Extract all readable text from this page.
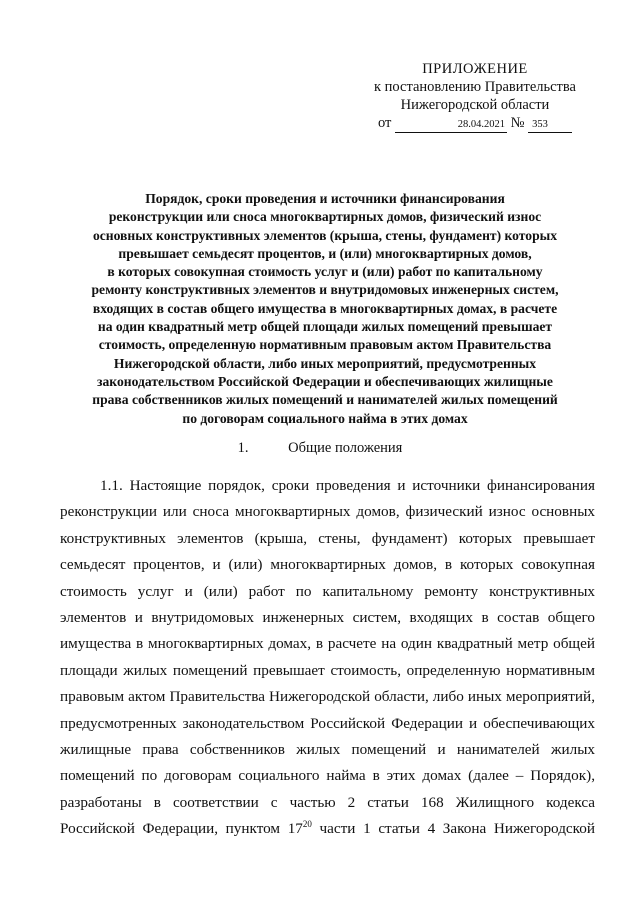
ПРИЛОЖЕНИЕ
к постановлению Правительства
Нижегородской области
от	28.04.2021 № 353
Порядок, сроки проведения и источники финансирования
реконструкции или сноса многоквартирных домов, физический износ
основных конструктивных элементов (крыша, стены, фундамент) которых
превышает семьдесят процентов, и (или) многоквартирных домов,
в которых совокупная стоимость услуг и (или) работ по капитальному
ремонту конструктивных элементов и внутридомовых инженерных систем,
входящих в состав общего имущества в многоквартирных домах, в расчете
на один квадратный метр общей площади жилых помещений превышает
стоимость, определенную нормативным правовым актом Правительства
Нижегородской области, либо иных мероприятий, предусмотренных
законодательством Российской Федерации и обеспечивающих жилищные
права собственников жилых помещений и нанимателей жилых помещений
по договорам социального найма в этих домах
1.	Общие положения
1.1. Настоящие порядок, сроки проведения и источники финансирования
реконструкции или сноса многоквартирных домов, физический износ основных
конструктивных элементов (крыша, стены, фундамент) которых превышает
семьдесят процентов, и (или) многоквартирных домов, в которых совокупная
стоимость услуг и (или) работ по капитальному ремонту конструктивных
элементов и внутридомовых инженерных систем, входящих в состав общего
имущества в многоквартирных домах, в расчете на один квадратный метр общей
площади жилых помещений превышает стоимость, определенную нормативным
правовым актом Правительства Нижегородской области, либо иных мероприятий,
предусмотренных законодательством Российской Федерации и обеспечивающих
жилищные права собственников жилых помещений и нанимателей жилых
помещений по договорам социального найма в этих домах (далее – Порядок),
разработаны в соответствии с частью 2 статьи 168 Жилищного кодекса
Российской Федерации, пунктом $17^{20}$ части 1 статьи 4 Закона Нижегородской
